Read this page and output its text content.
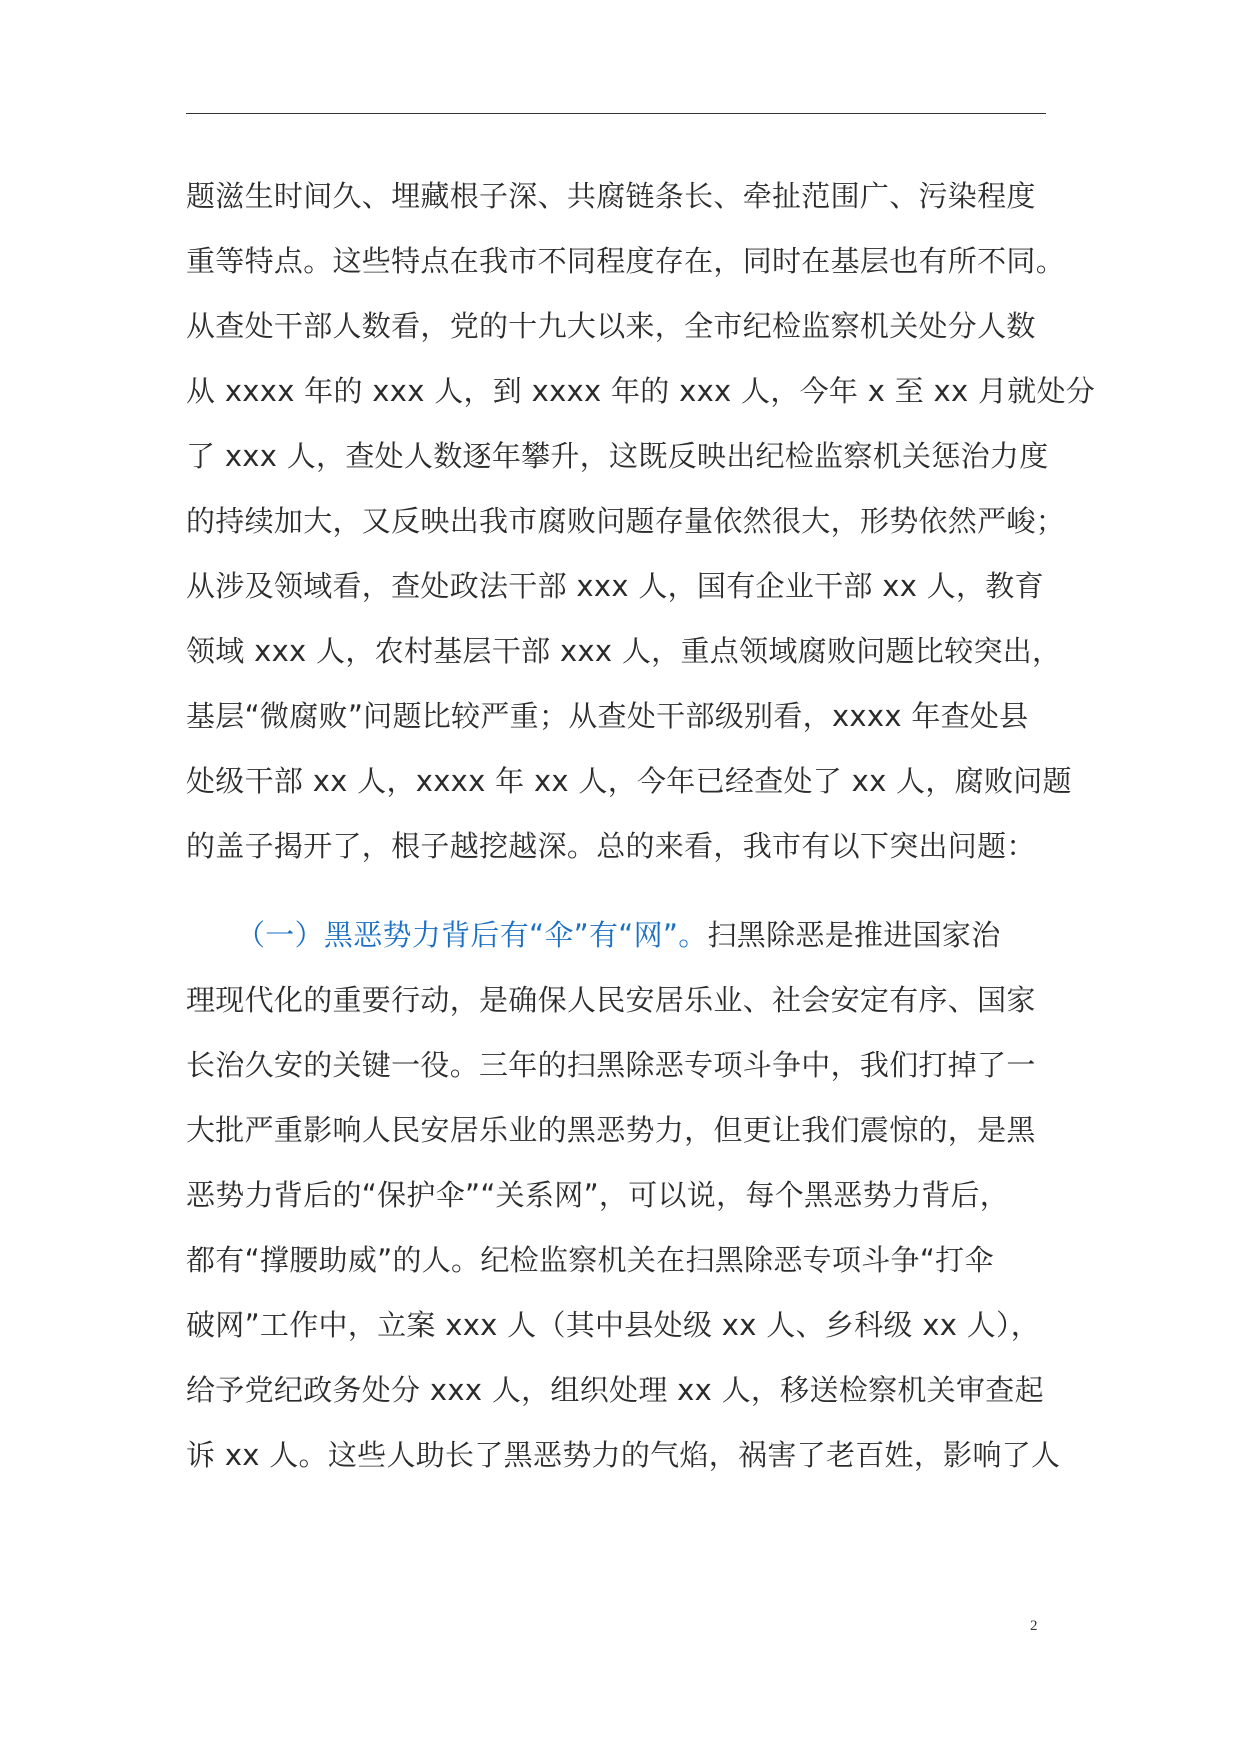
题滋生时间久、埋藏根子深、共腐链条长、牵扯范围广、污染程度
重等特点。这些特点在我市不同程度存在，同时在基层也有所不同。
从查处干部人数看，党的十九大以来，全市纪检监察机关处分人数
从 xxxx 年的 xxx 人，到 xxxx 年的 xxx 人，今年 x 至 xx 月就处分
了 xxx 人，查处人数逐年攀升，这既反映出纪检监察机关惩治力度
的持续加大，又反映出我市腐败问题存量依然很大，形势依然严峻；
从涉及领域看，查处政法干部 xxx 人，国有企业干部 xx 人，教育
领域 xxx 人，农村基层干部 xxx 人，重点领域腐败问题比较突出，
基层“微腐败”问题比较严重；从查处干部级别看，xxxx 年查处县
处级干部 xx 人，xxxx 年 xx 人，今年已经查处了 xx 人，腐败问题
的盖子揭开了，根子越挖越深。总的来看，我市有以下突出问题：
（一）黑恶势力背后有“伞”有“网”。扫黑除恶是推进国家治
理现代化的重要行动，是确保人民安居乐业、社会安定有序、国家
长治久安的关键一役。三年的扫黑除恶专项斗争中，我们打掉了一
大批严重影响人民安居乐业的黑恶势力，但更让我们震惊的，是黑
恶势力背后的“保护伞”“关系网”，可以说，每个黑恶势力背后，
都有“撑腰助威”的人。纪检监察机关在扫黑除恶专项斗争“打伞
破网”工作中，立案 xxx 人（其中县处级 xx 人、乡科级 xx 人），
给予党纪政务处分 xxx 人，组织处理 xx 人，移送检察机关审查起
诉 xx 人。这些人助长了黑恶势力的气焰，祸害了老百姓，影响了人
2
